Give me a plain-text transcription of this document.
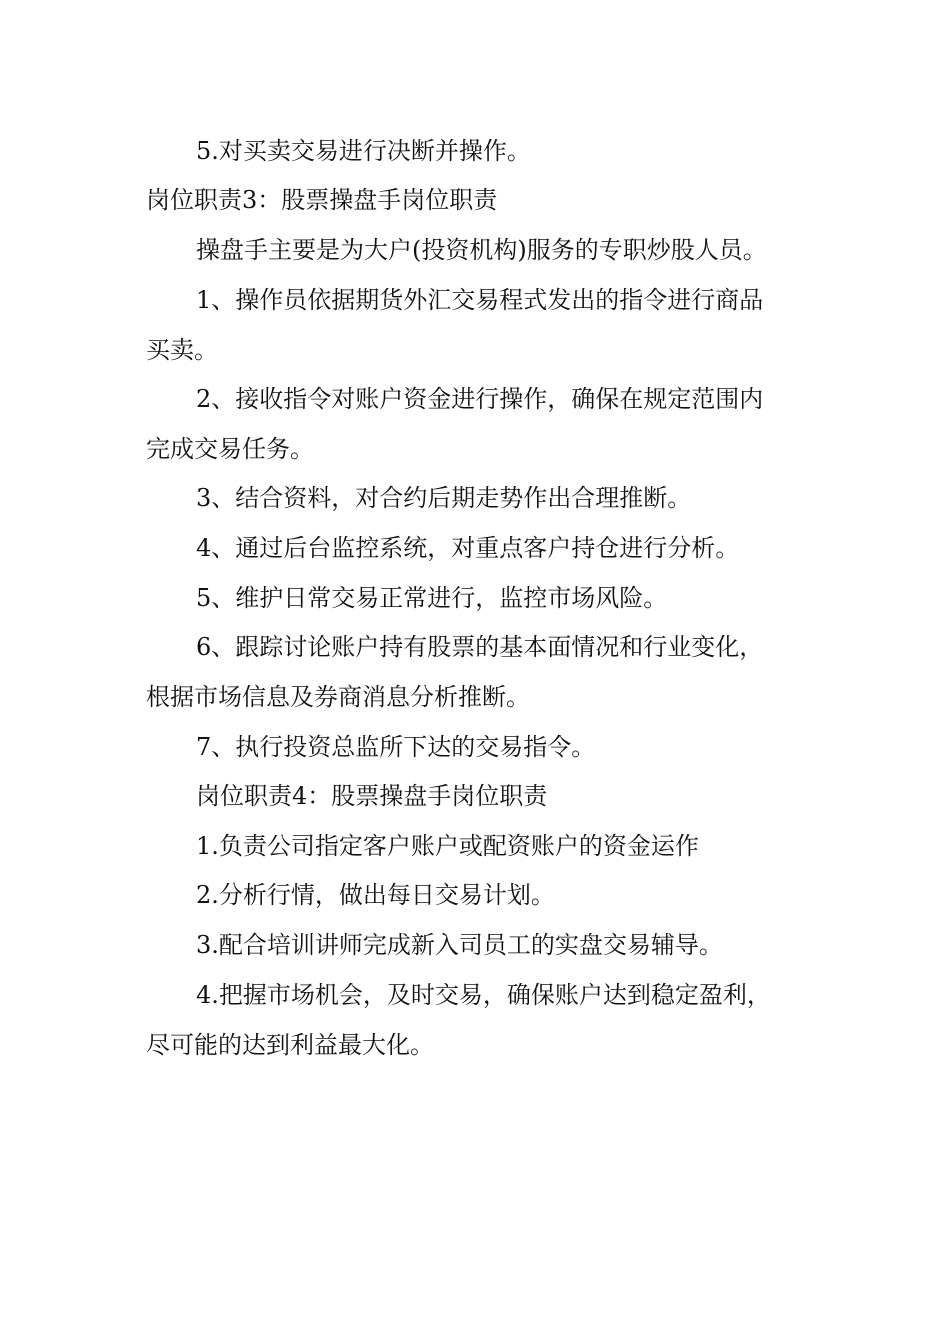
5.对买卖交易进行决断并操作。

岗位职责3：股票操盘手岗位职责

操盘手主要是为大户(投资机构)服务的专职炒股人员。

1、操作员依据期货外汇交易程式发出的指令进行商品

买卖。

2、接收指令对账户资金进行操作，确保在规定范围内

完成交易任务。

3、结合资料，对合约后期走势作出合理推断。

4、通过后台监控系统，对重点客户持仓进行分析。

5、维护日常交易正常进行，监控市场风险。

6、跟踪讨论账户持有股票的基本面情况和行业变化，

根据市场信息及券商消息分析推断。

7、执行投资总监所下达的交易指令。

岗位职责4：股票操盘手岗位职责

1.负责公司指定客户账户或配资账户的资金运作

2.分析行情，做出每日交易计划。

3.配合培训讲师完成新入司员工的实盘交易辅导。

4.把握市场机会，及时交易，确保账户达到稳定盈利，

尽可能的达到利益最大化。
